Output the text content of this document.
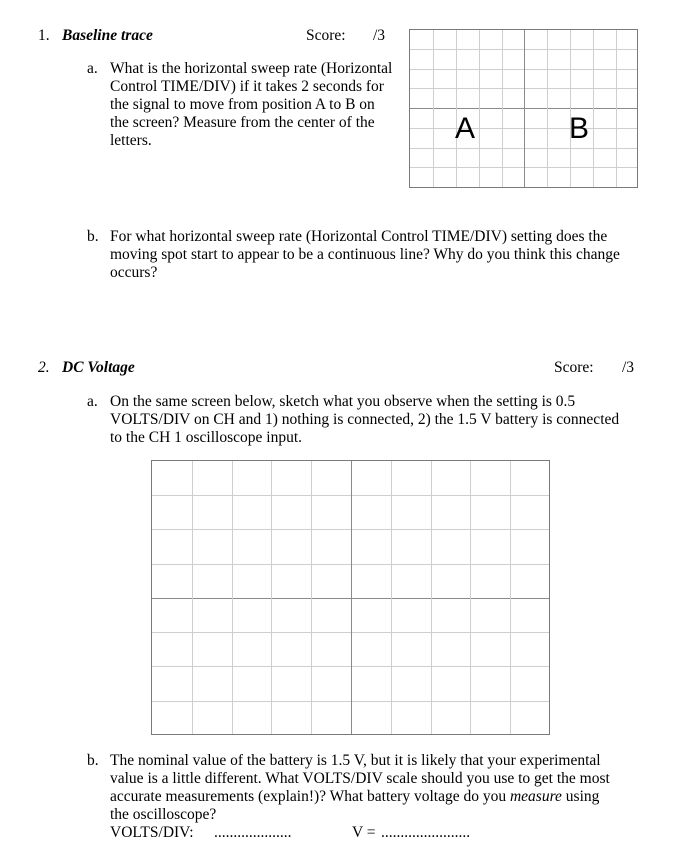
1. Baseline trace	Score: /3
a. What is the horizontal sweep rate (Horizontal
Control TIME/DIV) if it takes 2 seconds for
the signal to move from position A to B on
the screen? Measure from the center of the
letters.	A	B
b. For what horizontal sweep rate (Horizontal Control TIME/DIV) setting does the
moving spot start to appear to be a continuous line? Why do you think this change
occurs?
2. DC Voltage	Score: /3
a. On the same screen below, sketch what you observe when the setting is 0.5
VOLTS/DIV on CH and 1) nothing is connected, 2) the 1.5 V battery is connected
to the CH 1 oscilloscope input.
b. The nominal value of the battery is 1.5 V, but it is likely that your experimental
value is a little different. What VOLTS/DIV scale should you use to get the most
accurate measurements (explain!)? What battery voltage do you measure using
the oscilloscope?
VOLTS/DIV: ....................	V = .......................
